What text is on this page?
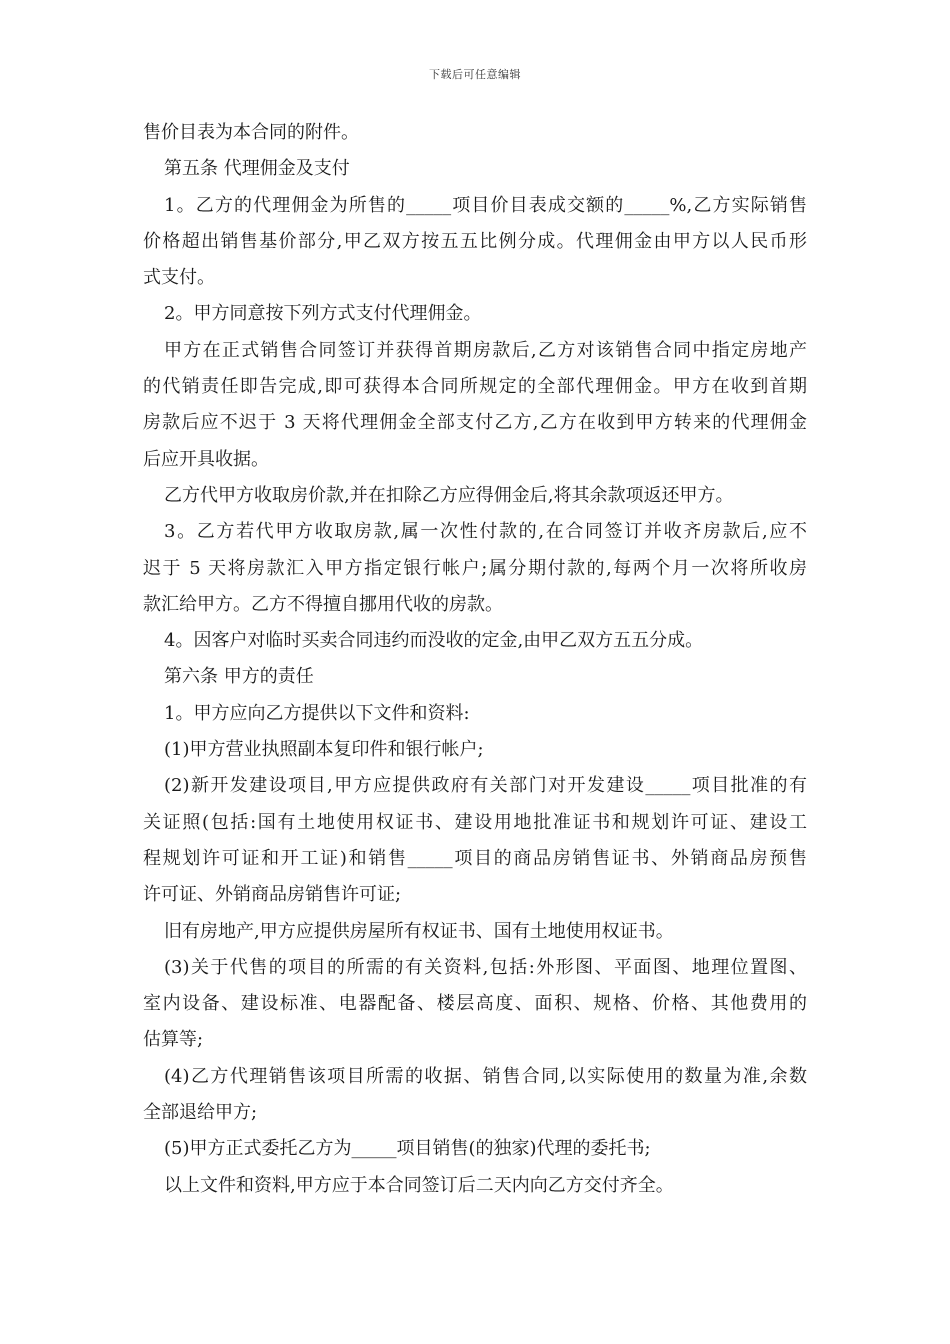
下载后可任意编辑
售价目表为本合同的附件。
第五条 代理佣金及支付
1。乙方的代理佣金为所售的_____项目价目表成交额的_____%,乙方实际销售
价格超出销售基价部分,甲乙双方按五五比例分成。代理佣金由甲方以人民币形
式支付。
2。甲方同意按下列方式支付代理佣金。
甲方在正式销售合同签订并获得首期房款后,乙方对该销售合同中指定房地产
的代销责任即告完成,即可获得本合同所规定的全部代理佣金。甲方在收到首期
房款后应不迟于 3 天将代理佣金全部支付乙方,乙方在收到甲方转来的代理佣金
后应开具收据。
乙方代甲方收取房价款,并在扣除乙方应得佣金后,将其余款项返还甲方。
3。乙方若代甲方收取房款,属一次性付款的,在合同签订并收齐房款后,应不
迟于 5 天将房款汇入甲方指定银行帐户;属分期付款的,每两个月一次将所收房
款汇给甲方。乙方不得擅自挪用代收的房款。
4。因客户对临时买卖合同违约而没收的定金,由甲乙双方五五分成。
第六条 甲方的责任
1。甲方应向乙方提供以下文件和资料:
(1)甲方营业执照副本复印件和银行帐户;
(2)新开发建设项目,甲方应提供政府有关部门对开发建设_____项目批准的有
关证照(包括:国有土地使用权证书、建设用地批准证书和规划许可证、建设工
程规划许可证和开工证)和销售_____项目的商品房销售证书、外销商品房预售
许可证、外销商品房销售许可证;
旧有房地产,甲方应提供房屋所有权证书、国有土地使用权证书。
(3)关于代售的项目的所需的有关资料,包括:外形图、平面图、地理位置图、
室内设备、建设标准、电器配备、楼层高度、面积、规格、价格、其他费用的
估算等;
(4)乙方代理销售该项目所需的收据、销售合同,以实际使用的数量为准,余数
全部退给甲方;
(5)甲方正式委托乙方为_____项目销售(的独家)代理的委托书;
以上文件和资料,甲方应于本合同签订后二天内向乙方交付齐全。
